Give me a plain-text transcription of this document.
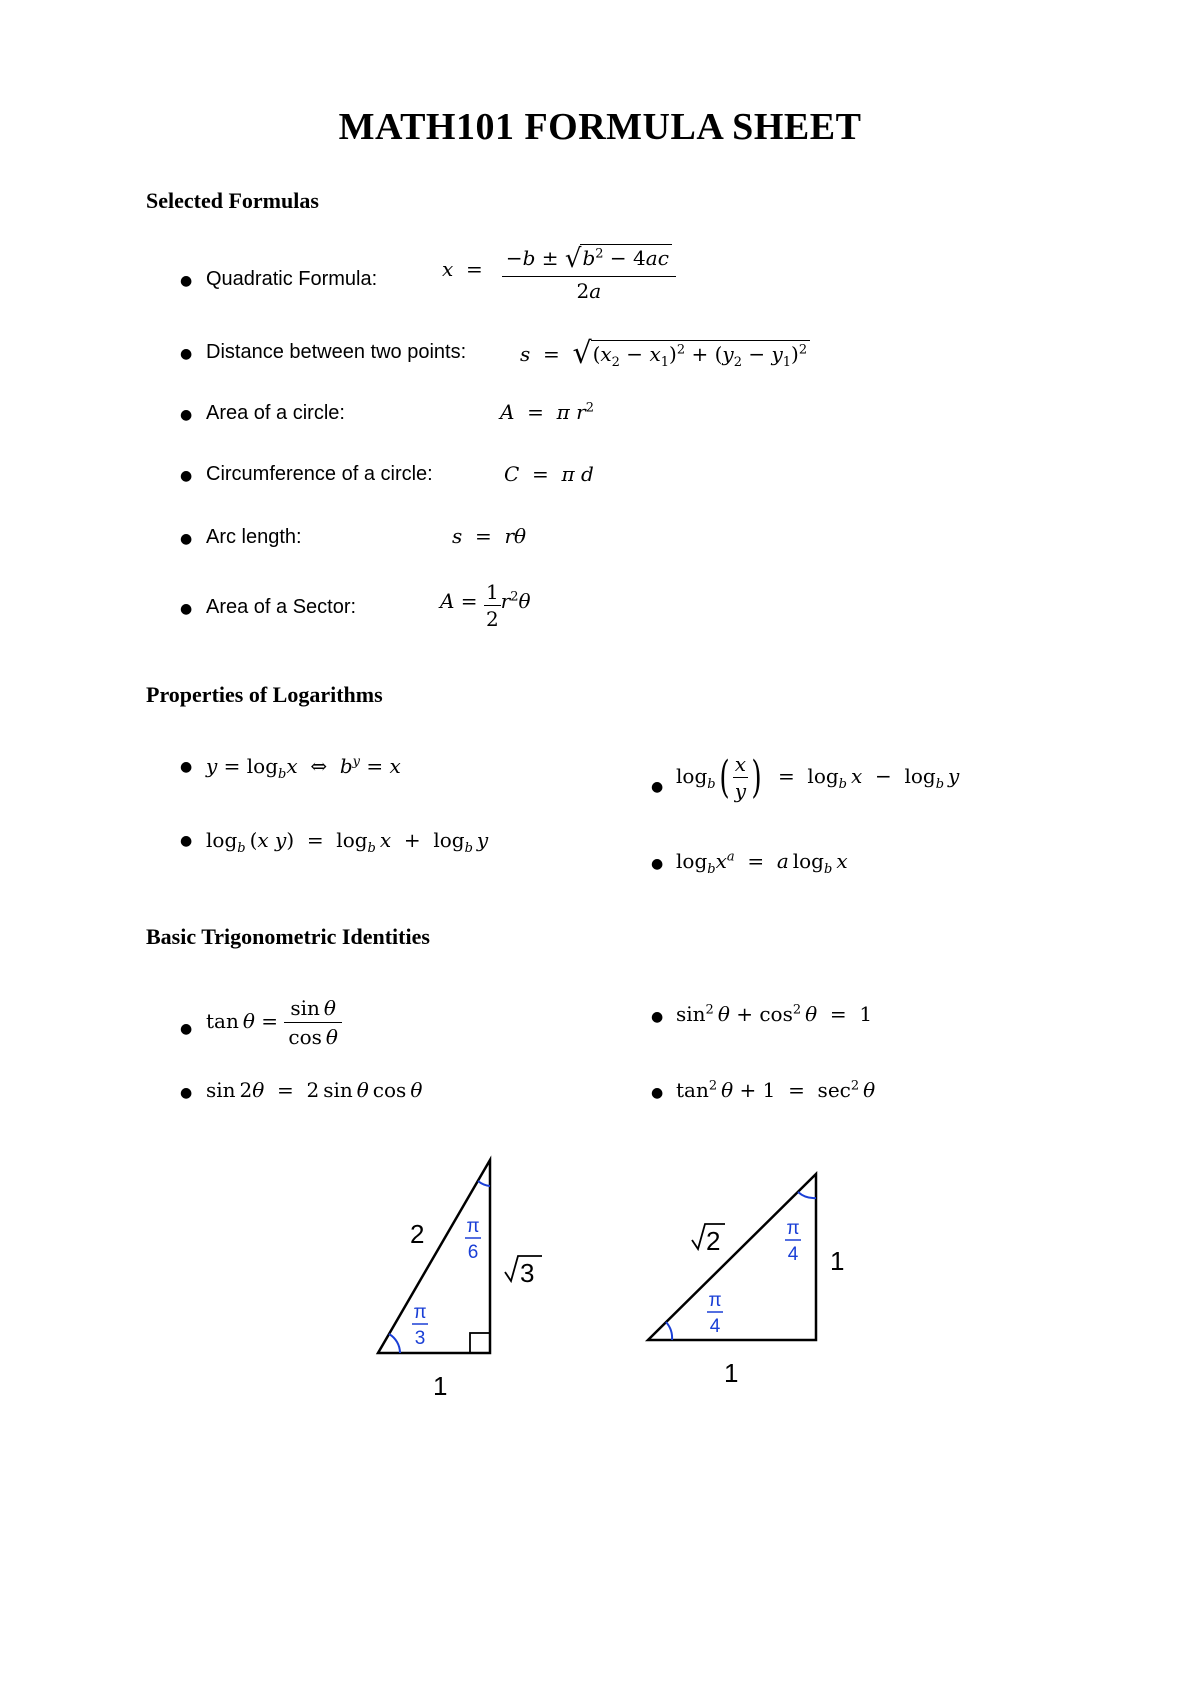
MATH101 FORMULA SHEET
Selected Formulas
● Quadratic Formula:	$x = \frac{-b \pm √b^2 - 4ac}{2a}$
● Distance between two points:	$s = √(x_2 - x_1)^2 + (y_2 - y_1)^2$
● Area of a circle:	A  =  π $r^2$
● Circumference of a circle:	C  =  π d
● Arc length:	s  =  rθ
● Area of a Sector:	$A = \frac{1}{2} r^2\theta$
Properties of Logarithms
● $y = \log_bx$  ⇔  $b^y = x$
● $\log_b (x$ $y) = \log_b x + \log_b y$
● $\log_b( \frac{x}{y}$ )  =  $\log_b x - \log_b y$
● $\log_bx^a = a$ $\log_b x$
Basic Trigonometric Identities
● $\tan \theta = \frac{\text{sin θ}}{\text{cos θ}}$
● sin 2θ  =  2 sin θ cos θ
● $\sin^2 \theta + \cos^2 \theta = 1$
● $\tan^2 \theta + 1 = \sec^2 \theta$
2
1
3
π
3
π
6	2
1
1
π
4
π
4
